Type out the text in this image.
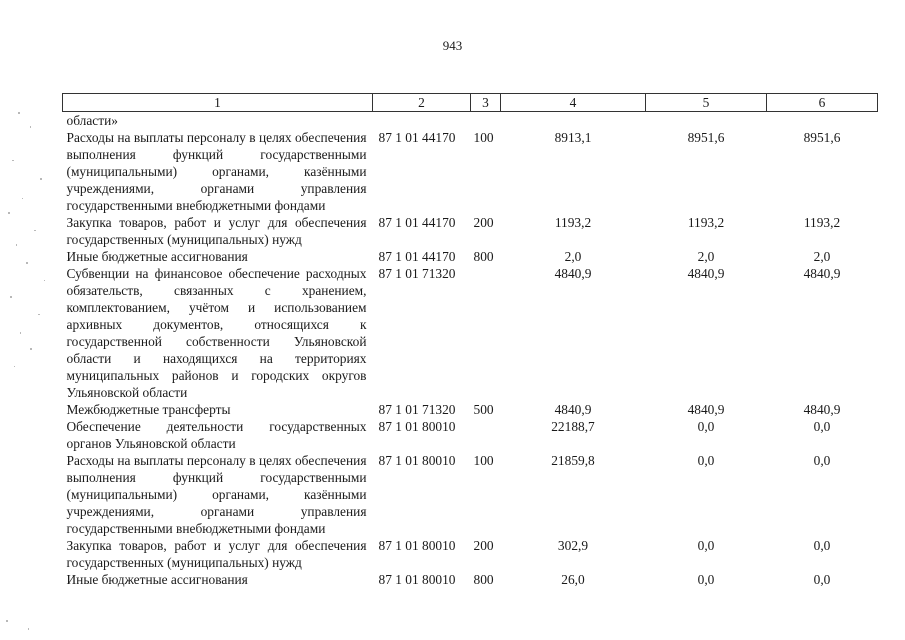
943
1	2	3	4	5	6
области»					
Расходы на выплаты персоналу в целях обеспечения выполнения функций государственными (муниципальными) органами, казёнными учреждениями, органами управления государственными внебюджетными фондами	87 1 01 44170	100	8913,1	8951,6	8951,6
Закупка товаров, работ и услуг для обеспечения государственных (муниципальных) нужд	87 1 01 44170	200	1193,2	1193,2	1193,2
Иные бюджетные ассигнования	87 1 01 44170	800	2,0	2,0	2,0
Субвенции на финансовое обеспечение расходных обязательств, связанных с хранением, комплектованием, учётом и использованием архивных документов, относящихся к государственной собственности Ульяновской области и находящихся на территориях муниципальных районов и городских округов Ульяновской области	87 1 01 71320		4840,9	4840,9	4840,9
Межбюджетные трансферты	87 1 01 71320	500	4840,9	4840,9	4840,9
Обеспечение деятельности государственных органов Ульяновской области	87 1 01 80010		22188,7	0,0	0,0
Расходы на выплаты персоналу в целях обеспечения выполнения функций государственными (муниципальными) органами, казёнными учреждениями, органами управления государственными внебюджетными фондами	87 1 01 80010	100	21859,8	0,0	0,0
Закупка товаров, работ и услуг для обеспечения государственных (муниципальных) нужд	87 1 01 80010	200	302,9	0,0	0,0
Иные бюджетные ассигнования	87 1 01 80010	800	26,0	0,0	0,0
